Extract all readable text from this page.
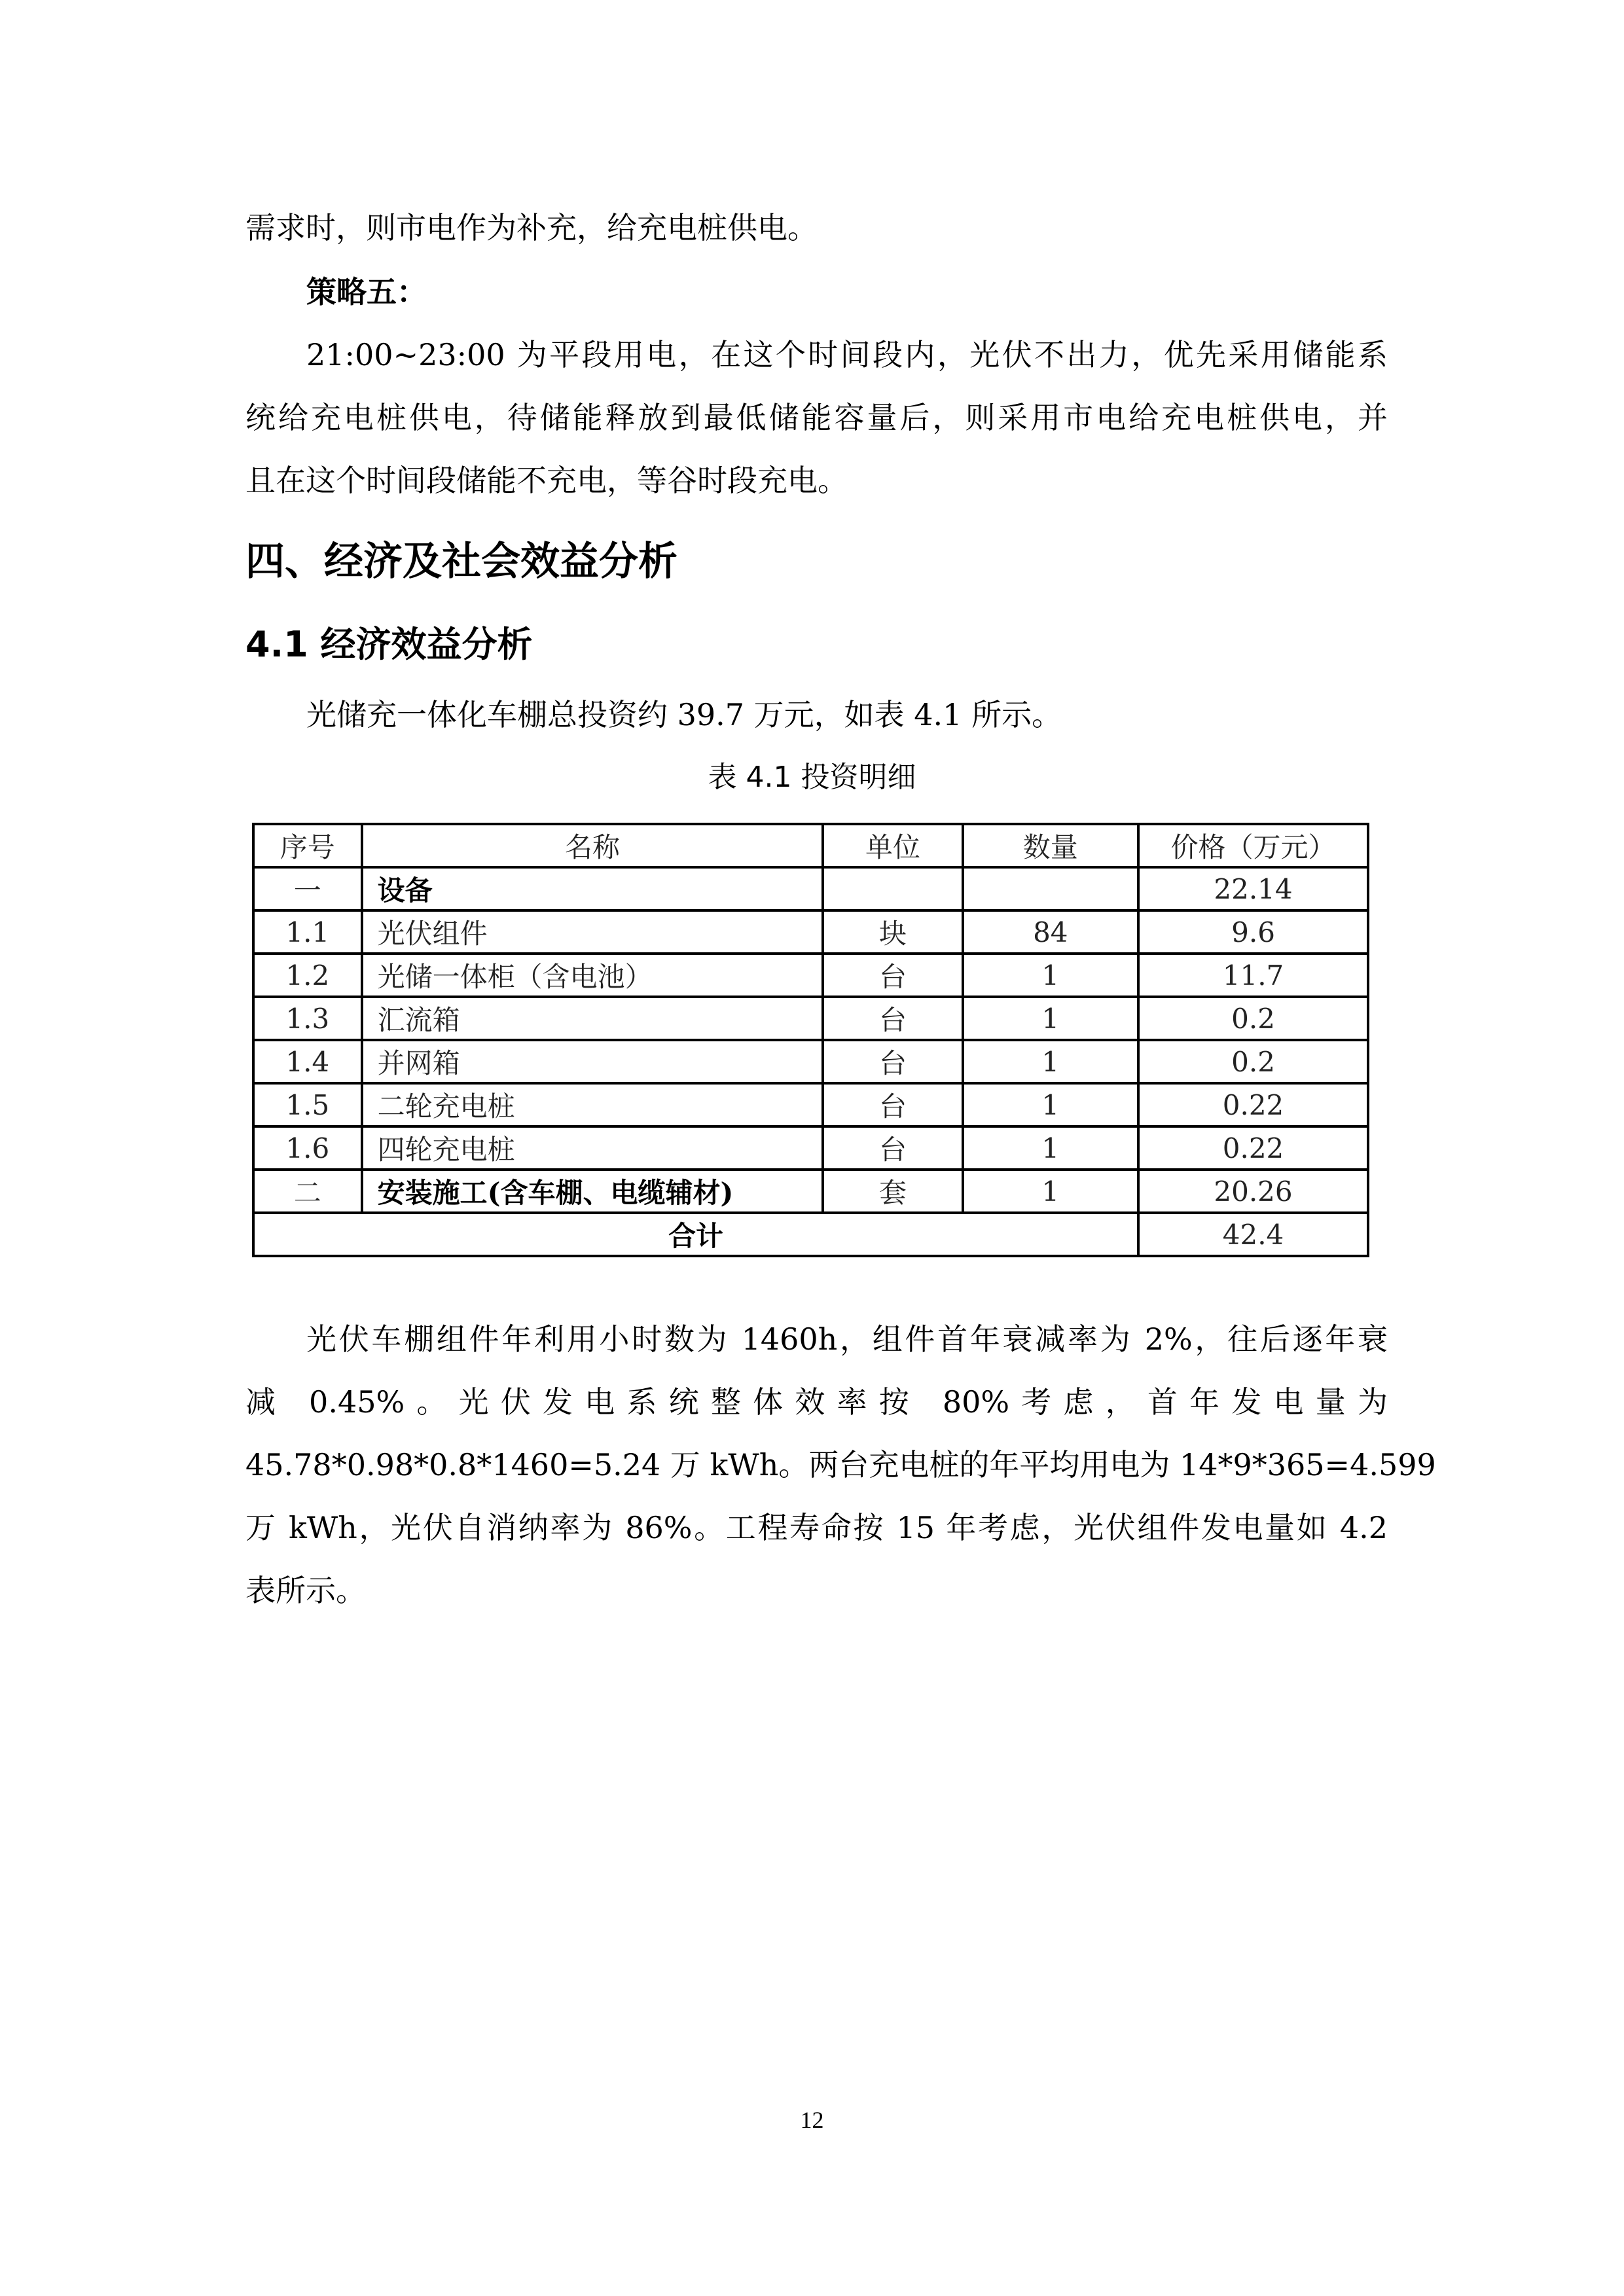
需求时，则市电作为补充，给充电桩供电。
策略五：
21:00~23:00 为平段用电，在这个时间段内，光伏不出力，优先采用储能系
统给充电桩供电，待储能释放到最低储能容量后，则采用市电给充电桩供电，并
且在这个时间段储能不充电，等谷时段充电。
四、经济及社会效益分析
4.1 经济效益分析
光储充一体化车棚总投资约 39.7 万元，如表 4.1 所示。
表 4.1 投资明细
序号	名称	单位	数量	价格（万元）
一	设备			22.14
1.1	光伏组件	块	84	9.6
1.2	光储一体柜（含电池）	台	1	11.7
1.3	汇流箱	台	1	0.2
1.4	并网箱	台	1	0.2
1.5	二轮充电桩	台	1	0.22
1.6	四轮充电桩	台	1	0.22
二	安装施工(含车棚、电缆辅材)	套	1	20.26
合计				42.4
光伏车棚组件年利用小时数为 1460h，组件首年衰减率为 2%，往后逐年衰
减 0.45%。光伏发电系统整体效率按 80%考虑，首年发电量为
45.78*0.98*0.8*1460=5.24 万 kWh。两台充电桩的年平均用电为 14*9*365=4.599
万 kWh，光伏自消纳率为 86%。工程寿命按 15 年考虑，光伏组件发电量如 4.2
表所示。
12
